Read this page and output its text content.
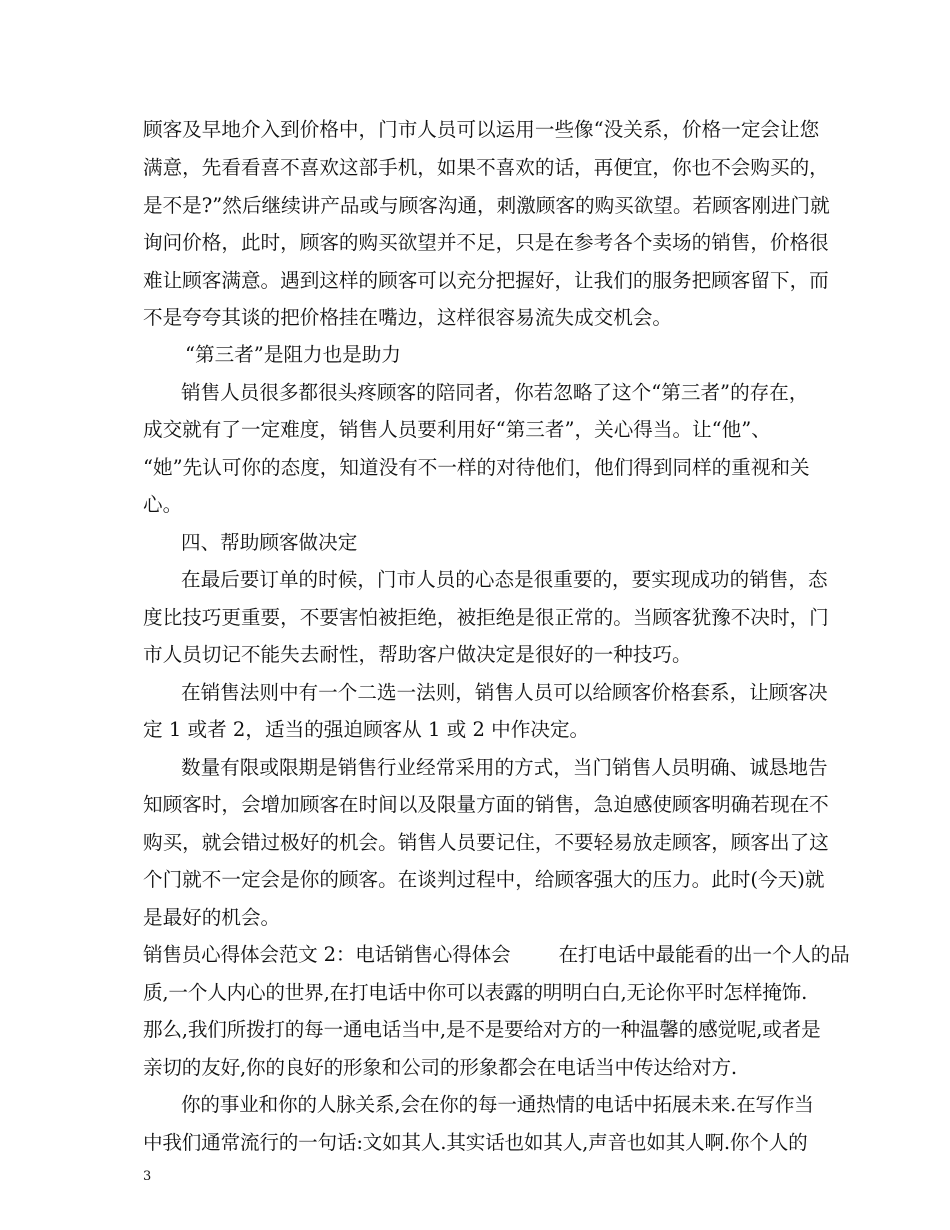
顾客及早地介入到价格中，门市人员可以运用一些像“没关系，价格一定会让您
满意，先看看喜不喜欢这部手机，如果不喜欢的话，再便宜，你也不会购买的，
是不是?”然后继续讲产品或与顾客沟通，刺激顾客的购买欲望。若顾客刚进门就
询问价格，此时，顾客的购买欲望并不足，只是在参考各个卖场的销售，价格很
难让顾客满意。遇到这样的顾客可以充分把握好，让我们的服务把顾客留下，而
不是夸夸其谈的把价格挂在嘴边，这样很容易流失成交机会。
“第三者”是阻力也是助力
销售人员很多都很头疼顾客的陪同者，你若忽略了这个“第三者”的存在，
成交就有了一定难度，销售人员要利用好“第三者”，关心得当。让“他”、
“她”先认可你的态度，知道没有不一样的对待他们，他们得到同样的重视和关
心。
四、帮助顾客做决定
在最后要订单的时候，门市人员的心态是很重要的，要实现成功的销售，态
度比技巧更重要，不要害怕被拒绝，被拒绝是很正常的。当顾客犹豫不决时，门
市人员切记不能失去耐性，帮助客户做决定是很好的一种技巧。
在销售法则中有一个二选一法则，销售人员可以给顾客价格套系，让顾客决
定 1 或者 2，适当的强迫顾客从 1 或 2 中作决定。
数量有限或限期是销售行业经常采用的方式，当门销售人员明确、诚恳地告
知顾客时，会增加顾客在时间以及限量方面的销售，急迫感使顾客明确若现在不
购买，就会错过极好的机会。销售人员要记住，不要轻易放走顾客，顾客出了这
个门就不一定会是你的顾客。在谈判过程中，给顾客强大的压力。此时(今天)就
是最好的机会。
销售员心得体会范文 2：电话销售心得体会        在打电话中最能看的出一个人的品
质,一个人内心的世界,在打电话中你可以表露的明明白白,无论你平时怎样掩饰.
那么,我们所拨打的每一通电话当中,是不是要给对方的一种温馨的感觉呢,或者是
亲切的友好,你的良好的形象和公司的形象都会在电话当中传达给对方.
你的事业和你的人脉关系,会在你的每一通热情的电话中拓展未来.在写作当
中我们通常流行的一句话:文如其人.其实话也如其人,声音也如其人啊.你个人的
3
